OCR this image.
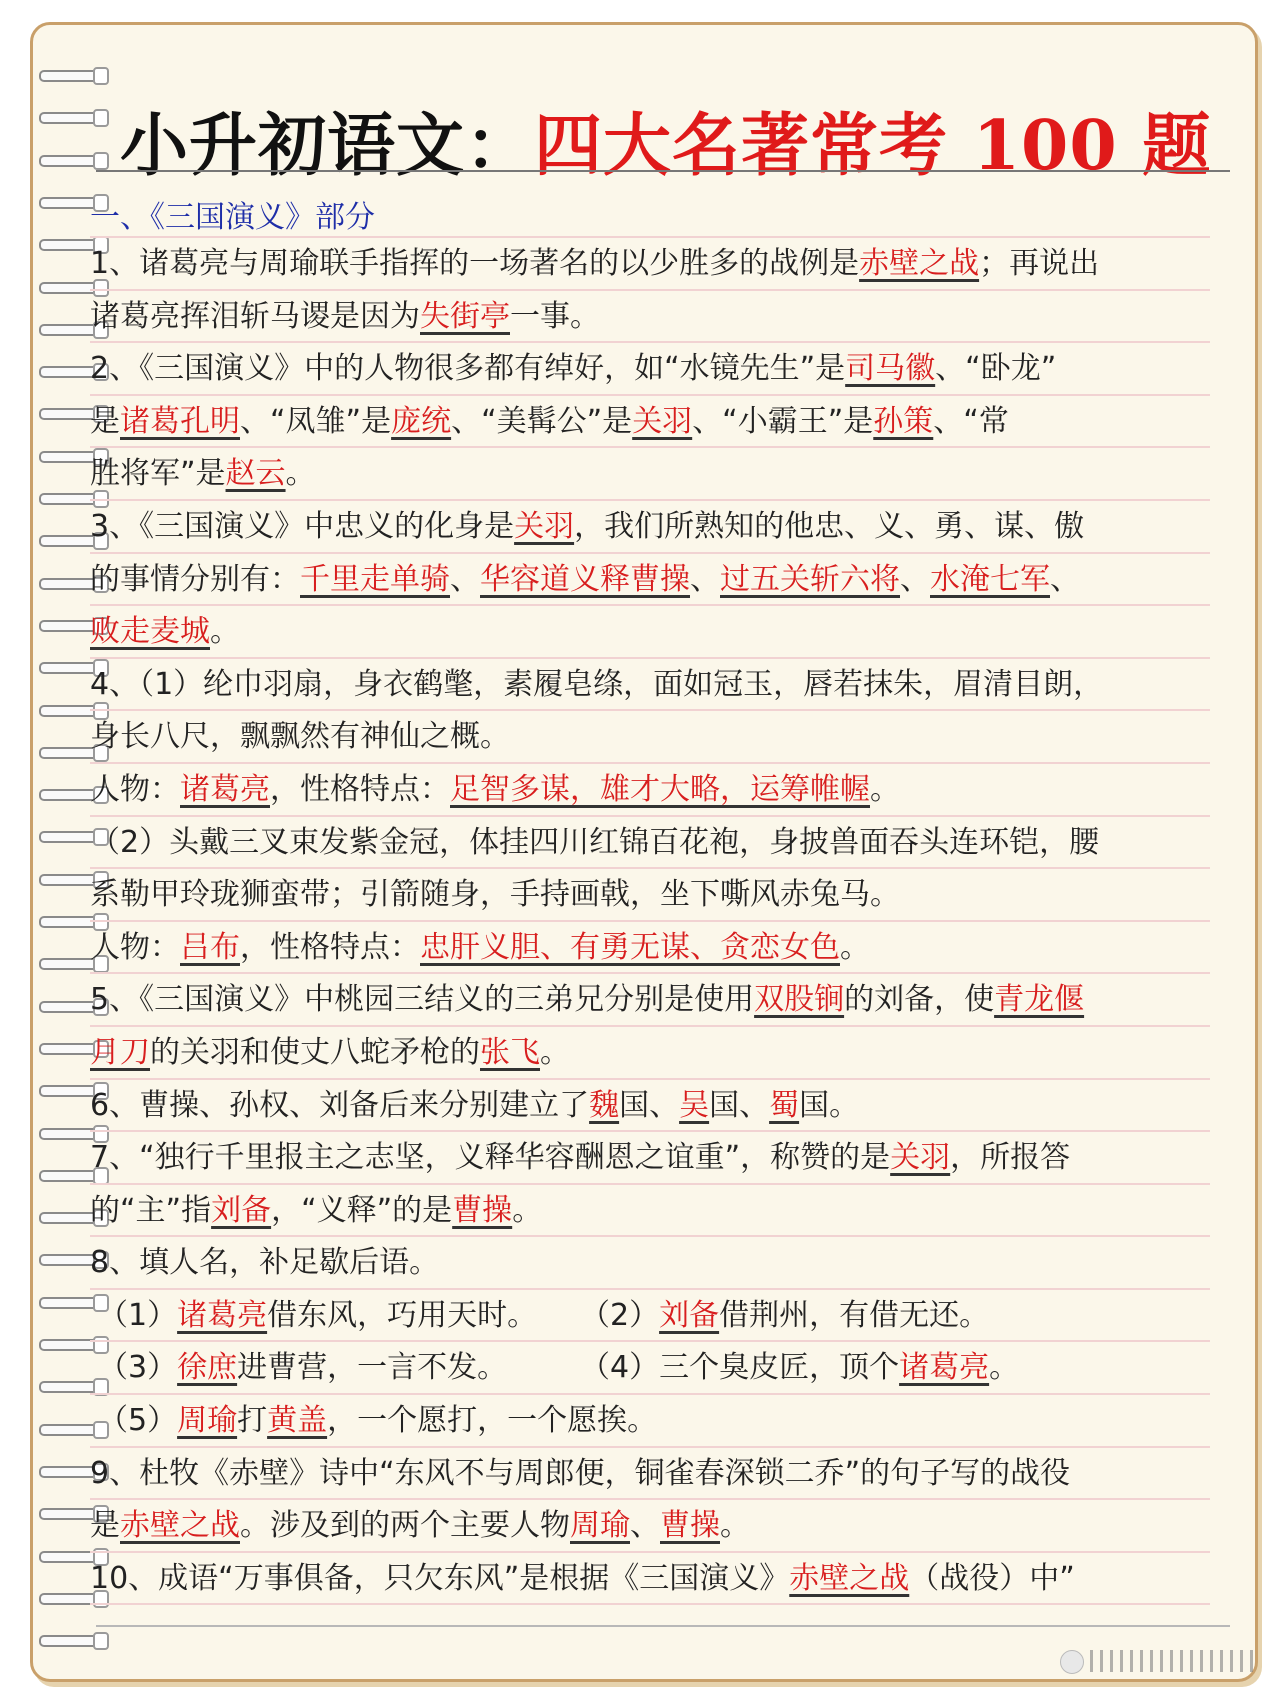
小升初语文：四大名著常考 100 题
一、《三国演义》部分
1、诸葛亮与周瑜联手指挥的一场著名的以少胜多的战例是赤壁之战；再说出
诸葛亮挥泪斩马谡是因为失街亭一事。
2、《三国演义》中的人物很多都有绰好，如“水镜先生”是司马徽、“卧龙”
是诸葛孔明、“凤雏”是庞统、“美髯公”是关羽、“小霸王”是孙策、“常
胜将军”是赵云。
3、《三国演义》中忠义的化身是关羽，我们所熟知的他忠、义、勇、谋、傲
的事情分别有：千里走单骑、华容道义释曹操、过五关斩六将、水淹七军、
败走麦城。
4、（1）纶巾羽扇，身衣鹤氅，素履皂绦，面如冠玉，唇若抹朱，眉清目朗，
身长八尺，飘飘然有神仙之概。
人物：诸葛亮，性格特点：足智多谋，雄才大略，运筹帷幄。
（2）头戴三叉束发紫金冠，体挂四川红锦百花袍，身披兽面吞头连环铠，腰
系勒甲玲珑狮蛮带；引箭随身，手持画戟，坐下嘶风赤兔马。
人物：吕布，性格特点：忠肝义胆、有勇无谋、贪恋女色。
5、《三国演义》中桃园三结义的三弟兄分别是使用双股锏的刘备，使青龙偃
月刀的关羽和使丈八蛇矛枪的张飞。
6、曹操、孙权、刘备后来分别建立了魏国、吴国、蜀国。
7、“独行千里报主之志坚，义释华容酬恩之谊重”，称赞的是关羽，所报答
的“主”指刘备，“义释”的是曹操。
8、填人名，补足歇后语。
（1）诸葛亮借东风，巧用天时。 （2）刘备借荆州，有借无还。
（3）徐庶进曹营，一言不发。 （4）三个臭皮匠，顶个诸葛亮。
（5）周瑜打黄盖，一个愿打，一个愿挨。
9、杜牧《赤壁》诗中“东风不与周郎便，铜雀春深锁二乔”的句子写的战役
是赤壁之战。涉及到的两个主要人物周瑜、曹操。
10、成语“万事俱备，只欠东风”是根据《三国演义》赤壁之战（战役）中”
